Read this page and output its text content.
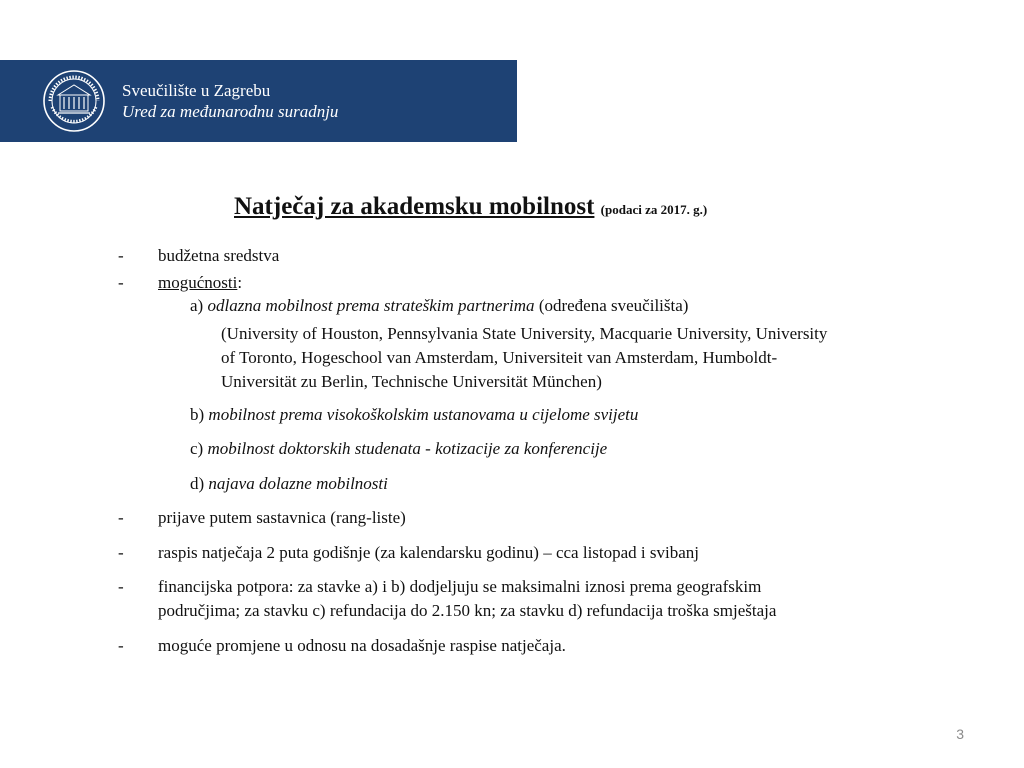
Sveučilište u Zagrebu
Ured za međunarodnu suradnju
Natječaj za akademsku mobilnost (podaci za 2017. g.)
- budžetna sredstva
- mogućnosti:
a) odlazna mobilnost prema strateškim partnerima (određena sveučilišta)
(University of Houston, Pennsylvania State University, Macquarie University, University
of Toronto, Hogeschool van Amsterdam, Universiteit van Amsterdam, Humboldt-
Universität zu Berlin, Technische Universität München)
b) mobilnost prema visokoškolskim ustanovama u cijelome svijetu
c) mobilnost doktorskih studenata - kotizacije za konferencije
d) najava dolazne mobilnosti
- prijave putem sastavnica (rang-liste)
- raspis natječaja 2 puta godišnje (za kalendarsku godinu) – cca listopad i svibanj
- financijska potpora: za stavke a) i b) dodjeljuju se maksimalni iznosi prema geografskim
područjima; za stavku c) refundacija do 2.150 kn; za stavku d) refundacija troška smještaja
- moguće promjene u odnosu na dosadašnje raspise natječaja.
3
